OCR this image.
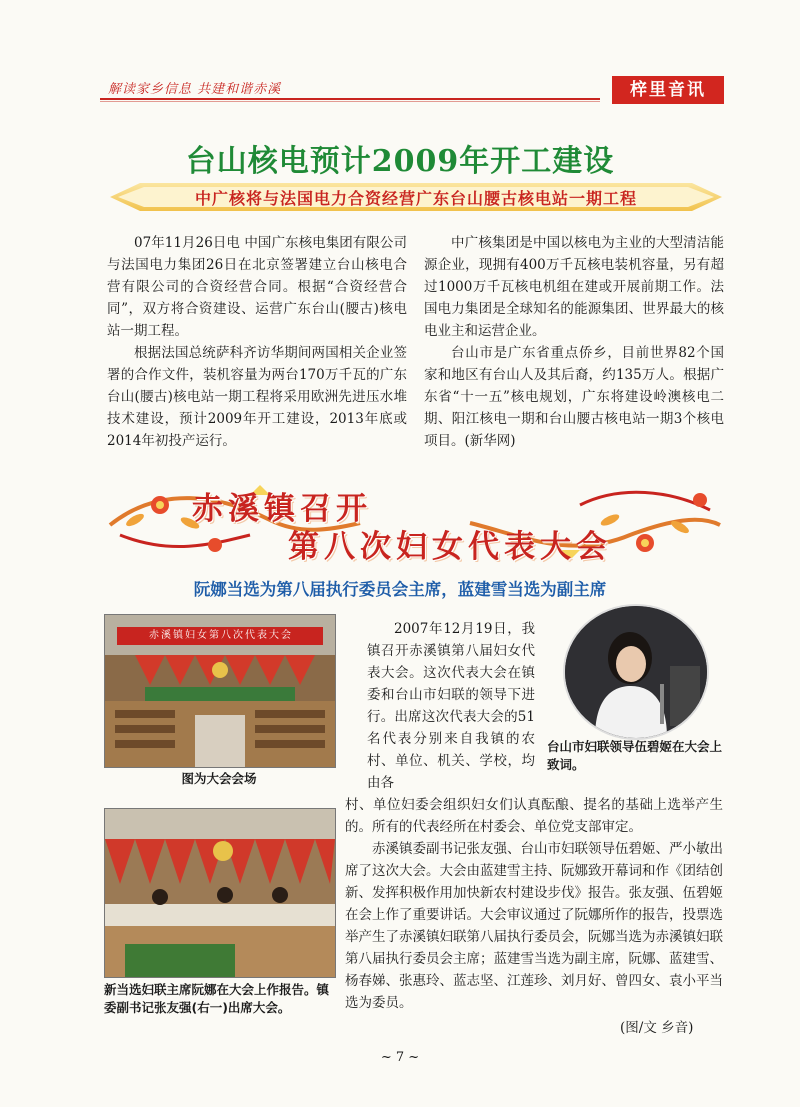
解读家乡信息 共建和谐赤溪	梓里音讯
台山核电预计2009年开工建设
中广核将与法国电力合资经营广东台山腰古核电站一期工程

07年11月26日电 中国广东核电集团有限公司与法国电力集团26日在北京签署建立台山核电合营有限公司的合资经营合同。根据“合资经营合同”，双方将合资建设、运营广东台山(腰古)核电站一期工程。

根据法国总统萨科齐访华期间两国相关企业签署的合作文件，装机容量为两台170万千瓦的广东台山(腰古)核电站一期工程将采用欧洲先进压水堆技术建设，预计2009年开工建设，2013年底或2014年初投产运行。

中广核集团是中国以核电为主业的大型清洁能源企业，现拥有400万千瓦核电装机容量，另有超过1000万千瓦核电机组在建或开展前期工作。法国电力集团是全球知名的能源集团、世界最大的核电业主和运营企业。

台山市是广东省重点侨乡，目前世界82个国家和地区有台山人及其后裔，约135万人。根据广东省“十一五”核电规划，广东将建设岭澳核电二期、阳江核电一期和台山腰古核电站一期3个核电项目。(新华网)

赤溪镇召开
第八次妇女代表大会
阮娜当选为第八届执行委员会主席，蓝建雪当选为副主席
赤溪镇妇女第八次代表大会
图为大会会场
新当选妇联主席阮娜在大会上作报告。镇委副书记张友强(右一)出席大会。
台山市妇联领导伍碧姬在大会上致词。

2007年12月19日，我镇召开赤溪镇第八届妇女代表大会。这次代表大会在镇委和台山市妇联的领导下进行。出席这次代表大会的51名代表分别来自我镇的农村、单位、机关、学校，均由各

村、单位妇委会组织妇女们认真酝酿、提名的基础上选举产生的。所有的代表经所在村委会、单位党支部审定。

赤溪镇委副书记张友强、台山市妇联领导伍碧姬、严小敏出席了这次大会。大会由蓝建雪主持、阮娜致开幕词和作《团结创新、发挥积极作用加快新农村建设步伐》报告。张友强、伍碧姬在会上作了重要讲话。大会审议通过了阮娜所作的报告，投票选举产生了赤溪镇妇联第八届执行委员会，阮娜当选为赤溪镇妇联第八届执行委员会主席；蓝建雪当选为副主席，阮娜、蓝建雪、杨春娣、张惠玲、蓝志坚、江莲珍、刘月好、曾四女、袁小平当选为委员。

(图/文 乡音)
~ 7 ~
